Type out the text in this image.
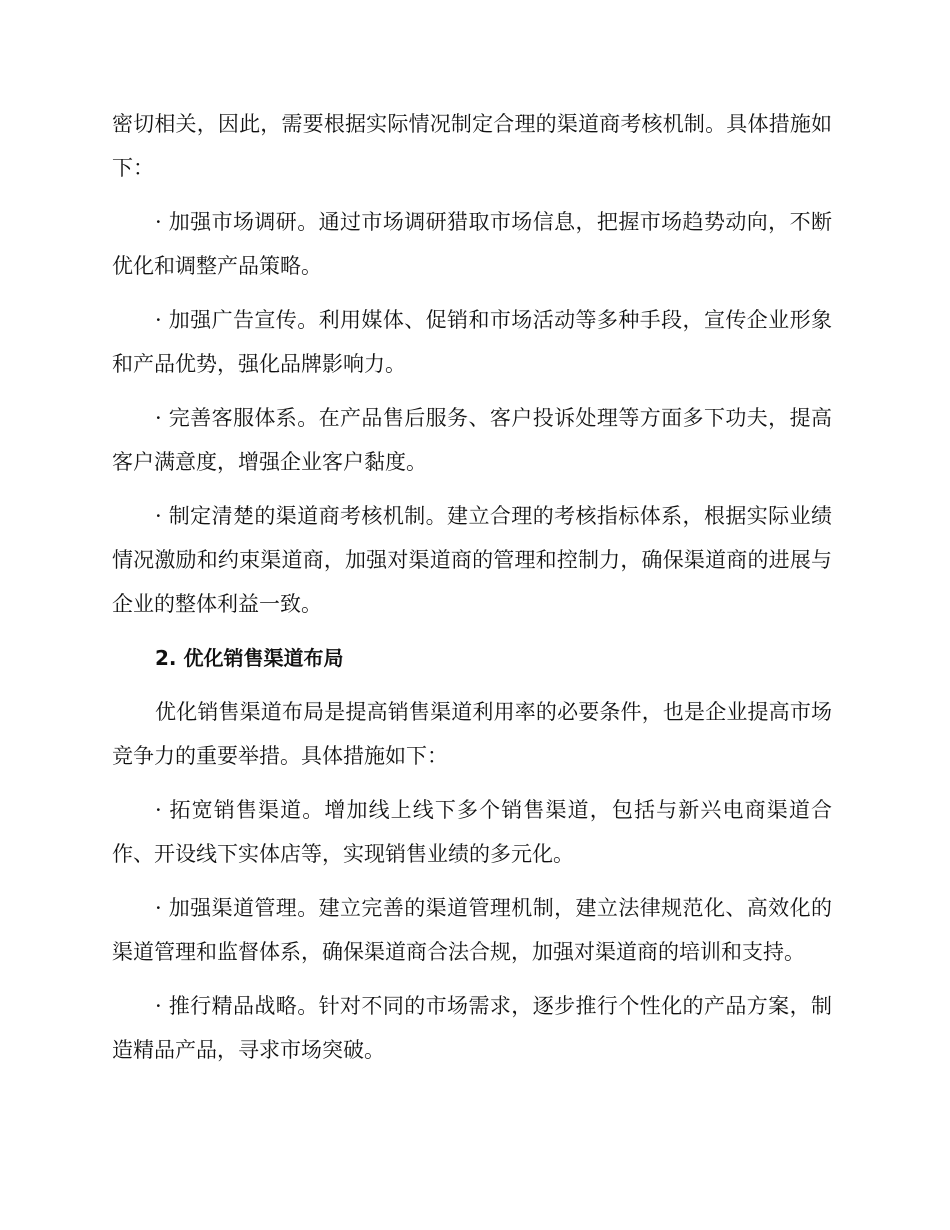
密切相关，因此，需要根据实际情况制定合理的渠道商考核机制。具体措施如下：

· 加强市场调研。通过市场调研猎取市场信息，把握市场趋势动向，不断优化和调整产品策略。

· 加强广告宣传。利用媒体、促销和市场活动等多种手段，宣传企业形象和产品优势，强化品牌影响力。

· 完善客服体系。在产品售后服务、客户投诉处理等方面多下功夫，提高客户满意度，增强企业客户黏度。

· 制定清楚的渠道商考核机制。建立合理的考核指标体系，根据实际业绩情况激励和约束渠道商，加强对渠道商的管理和控制力，确保渠道商的进展与企业的整体利益一致。

2. 优化销售渠道布局

优化销售渠道布局是提高销售渠道利用率的必要条件，也是企业提高市场竞争力的重要举措。具体措施如下：

· 拓宽销售渠道。增加线上线下多个销售渠道，包括与新兴电商渠道合作、开设线下实体店等，实现销售业绩的多元化。

· 加强渠道管理。建立完善的渠道管理机制，建立法律规范化、高效化的渠道管理和监督体系，确保渠道商合法合规，加强对渠道商的培训和支持。

· 推行精品战略。针对不同的市场需求，逐步推行个性化的产品方案，制造精品产品，寻求市场突破。
